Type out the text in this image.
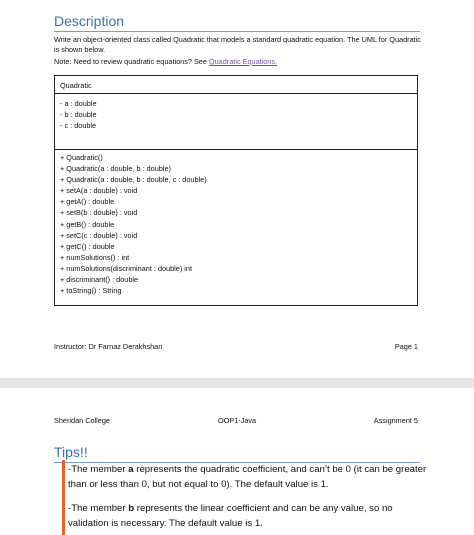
Description
Write an object-oriented class called Quadratic that models a standard quadratic equation. The UML for Quadratic is shown below.
Note: Need to review quadratic equations? See Quadratic Equations.
Quadratic
- a : double
- b : double
- c : double
+ Quadratic()
+ Quadratic(a : double, b : double)
+ Quadratic(a : double, b : double, c : double)
+ setA(a : double) : void
+ getA() : double
+ setB(b : double) : void
+ getB() : double
+ setC(c : double) : void
+ getC() : double
+ numSolutions() : int
+ numSolutions(discriminant : double) int
+ discriminant() : double
+ toString() : String
Instructor: Dr Farnaz Derakhshan	Page 1
Sheridan College	OOP1-Java	Assignment 5
Tips!!
-The member a represents the quadratic coefficient, and can’t be 0 (it can be greater than or less than 0, but not equal to 0). The default value is 1.
-The member b represents the linear coefficient and can be any value, so no validation is necessary. The default value is 1.
